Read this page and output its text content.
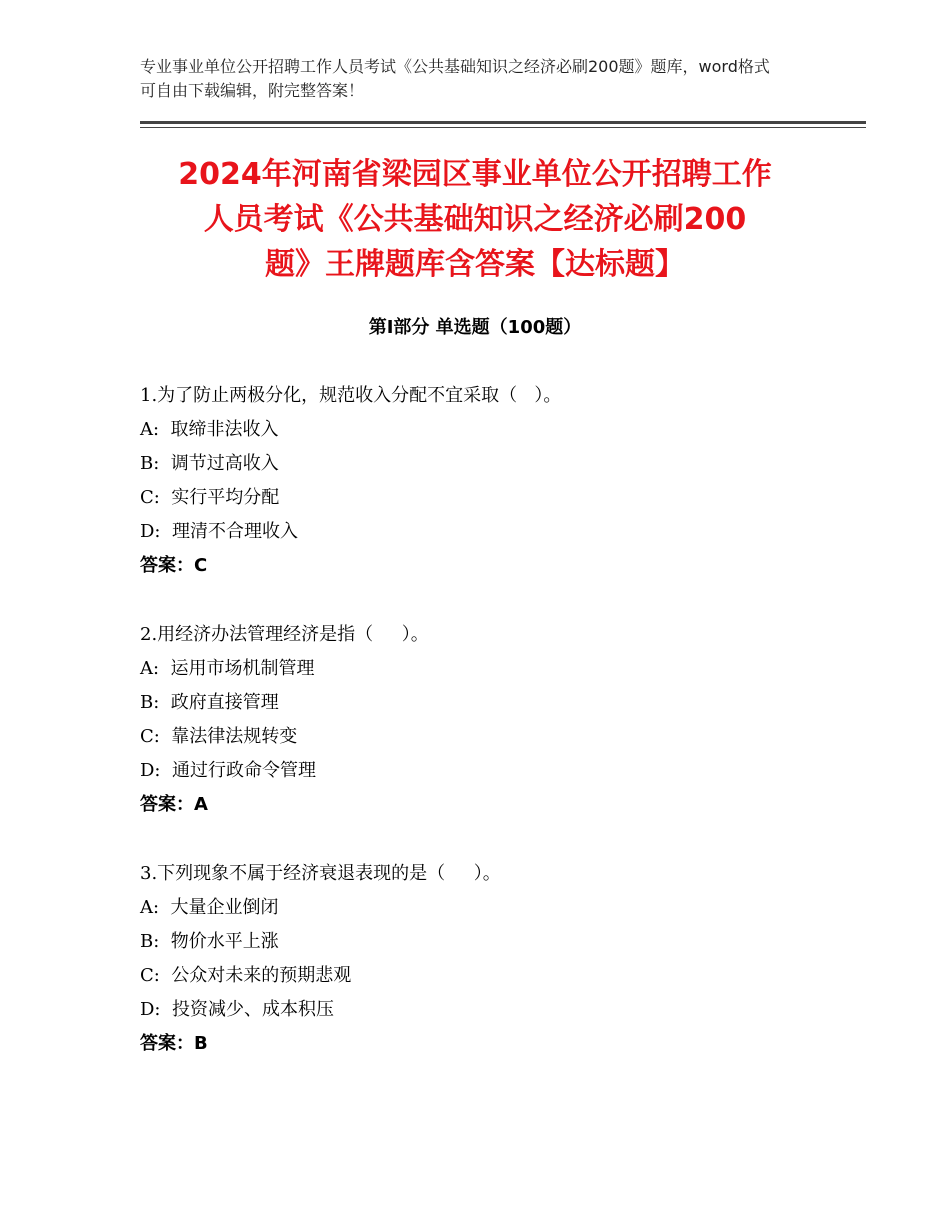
专业事业单位公开招聘工作人员考试《公共基础知识之经济必刷200题》题库，word格式可自由下载编辑，附完整答案！
2024年河南省梁园区事业单位公开招聘工作
人员考试《公共基础知识之经济必刷200
题》王牌题库含答案【达标题】
第Ⅰ部分 单选题（100题）
1.为了防止两极分化，规范收入分配不宜采取（   ）。
A:  取缔非法收入
B:  调节过高收入
C:  实行平均分配
D:  理清不合理收入
答案：C
2.用经济办法管理经济是指（     ）。
A:  运用市场机制管理
B:  政府直接管理
C:  靠法律法规转变
D:  通过行政命令管理
答案：A
3.下列现象不属于经济衰退表现的是（     ）。
A:  大量企业倒闭
B:  物价水平上涨
C:  公众对未来的预期悲观
D:  投资减少、成本积压
答案：B
